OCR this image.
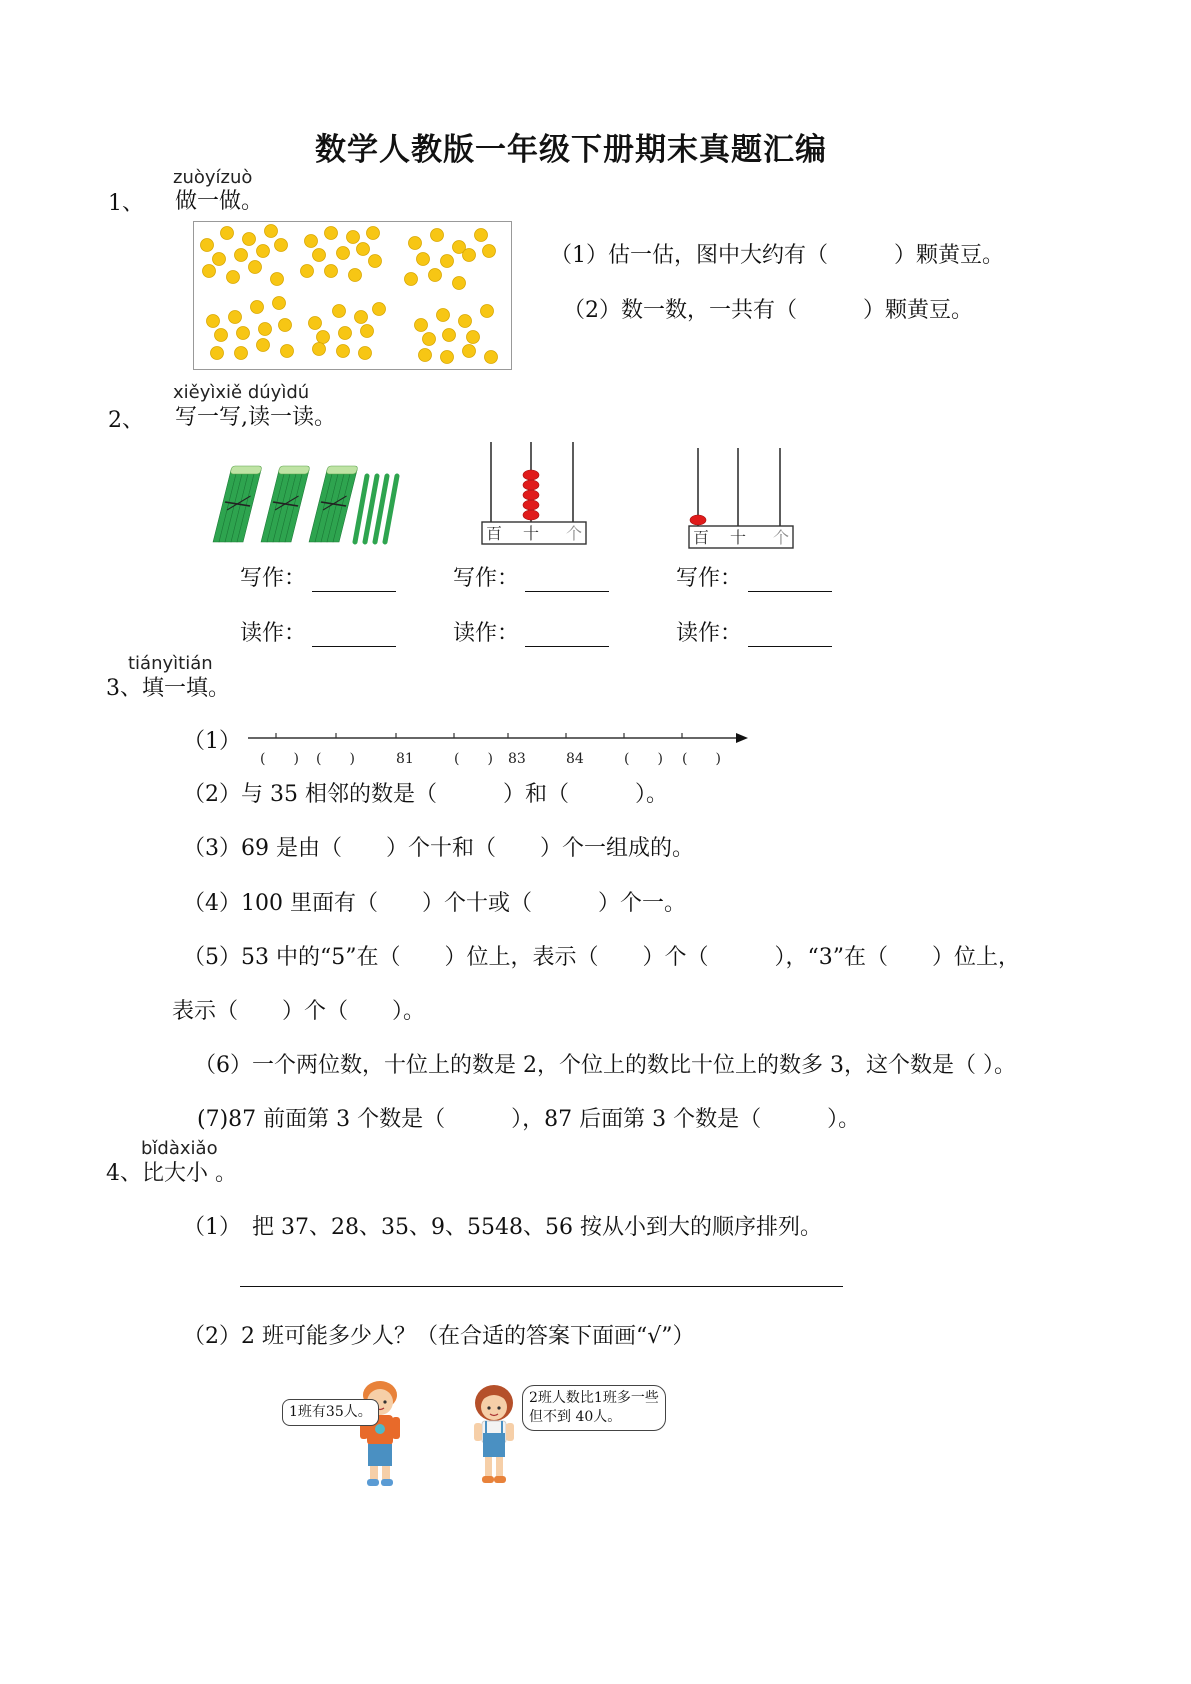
数学人教版一年级下册期末真题汇编
1、
zuòyízuò
做一做。
（1）估一估，图中大约有（　　　）颗黄豆。
（2）数一数，一共有（　　　）颗黄豆。
2、
xiěyìxiě dúyìdú
写一写,读一读。
百 十 个	百 十 个
写作：	写作：	写作：
读作：	读作：	读作：
tiányìtián
3、填一填。
（1）
(　　) (　　)	81	(　　) 83	84	(　　) (　　)
（2）与 35 相邻的数是（　　　）和（　　　）。
（3）69 是由（　　）个十和（　　）个一组成的。
（4）100 里面有（　　）个十或（　　　）个一。
（5）53 中的“5”在（　　）位上，表示（　　）个（　　　），“3”在（　　）位上，
表示（　　）个（　　）。
（6）一个两位数，十位上的数是 2，个位上的数比十位上的数多 3，这个数是（ ）。
(7)87 前面第 3 个数是（　　　），87 后面第 3 个数是（　　　）。
bǐdàxiǎo
4、比大小 。
（1）　把 37、28、35、9、5548、56 按从小到大的顺序排列。
（2）2 班可能多少人？（在合适的答案下面画“√”）
1班有35人。
2班人数比1班多一些
但不到 40人。
